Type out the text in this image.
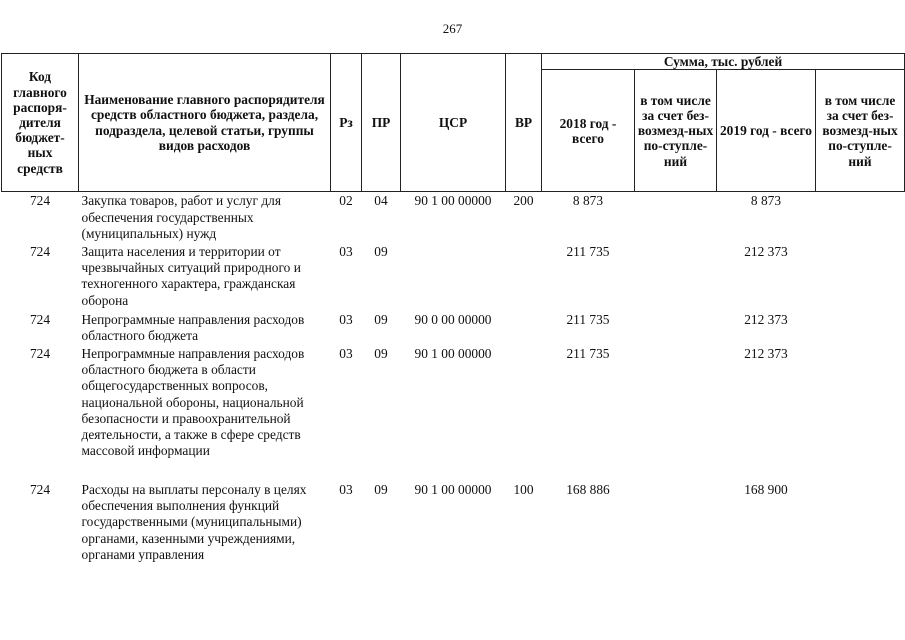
267
Код главного распоря-дителя бюджет-ных средств	Наименование главного распорядителя средств областного бюджета, раздела, подраздела, целевой статьи, группы видов расходов	Рз	ПР	ЦСР	ВР	Сумма, тыс. рублей			
						2018 год - всего	в том числе за счет без-возмезд-ных по-ступле-ний	2019 год - всего	в том числе за счет без-возмезд-ных по-ступле-ний
724	Закупка товаров, работ и услуг для обеспечения государственных (муниципальных) нужд	02	04	90 1 00 00000	200	8 873		8 873	
724	Защита населения и территории от чрезвычайных ситуаций природного и техногенного характера, гражданская оборона	03	09			211 735		212 373	
724	Непрограммные направления расходов областного бюджета	03	09	90 0 00 00000		211 735		212 373	
724	Непрограммные направления расходов областного бюджета в области общегосударственных вопросов, национальной обороны, национальной безопасности и правоохранительной деятельности, а также в сфере средств массовой информации	03	09	90 1 00 00000		211 735		212 373	
724	Расходы на выплаты персоналу в целях обеспечения выполнения функций государственными (муниципальными) органами, казенными учреждениями, органами управления	03	09	90 1 00 00000	100	168 886		168 900	
